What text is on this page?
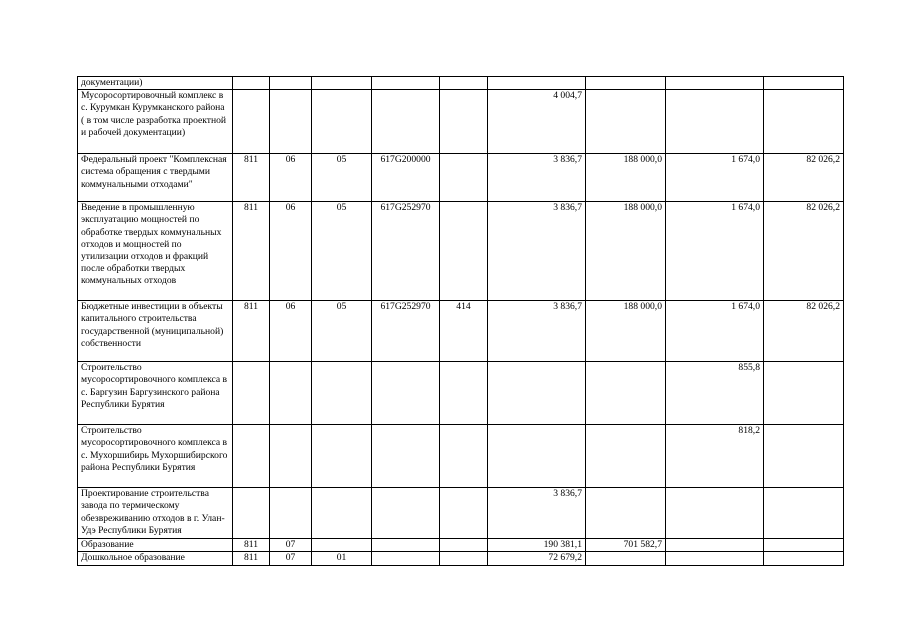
документации)									
Мусоросортировочный комплекс в с. Курумкан Курумканского района ( в том числе разработка проектной и рабочей документации)						4 004,7			
Федеральный проект "Комплексная система обращения с твердыми коммунальными отходами"	811	06	05	617G200000		3 836,7	188 000,0	1 674,0	82 026,2
Введение в промышленную эксплуатацию мощностей по обработке твердых коммунальных отходов и мощностей по утилизации отходов и фракций после обработки твердых коммунальных отходов	811	06	05	617G252970		3 836,7	188 000,0	1 674,0	82 026,2
Бюджетные инвестиции в объекты капитального строительства государственной (муниципальной) собственности	811	06	05	617G252970	414	3 836,7	188 000,0	1 674,0	82 026,2
Строительство мусоросортировочного комплекса в с. Баргузин Баргузинского района Республики Бурятия								855,8	
Строительство мусоросортировочного комплекса в с. Мухоршибирь Мухоршибирского района Республики Бурятия								818,2	
Проектирование строительства завода по термическому обезвреживанию отходов в г. Улан-Удэ Республики Бурятия						3 836,7			
Образование	811	07				190 381,1	701 582,7		
Дошкольное образование	811	07	01			72 679,2			
